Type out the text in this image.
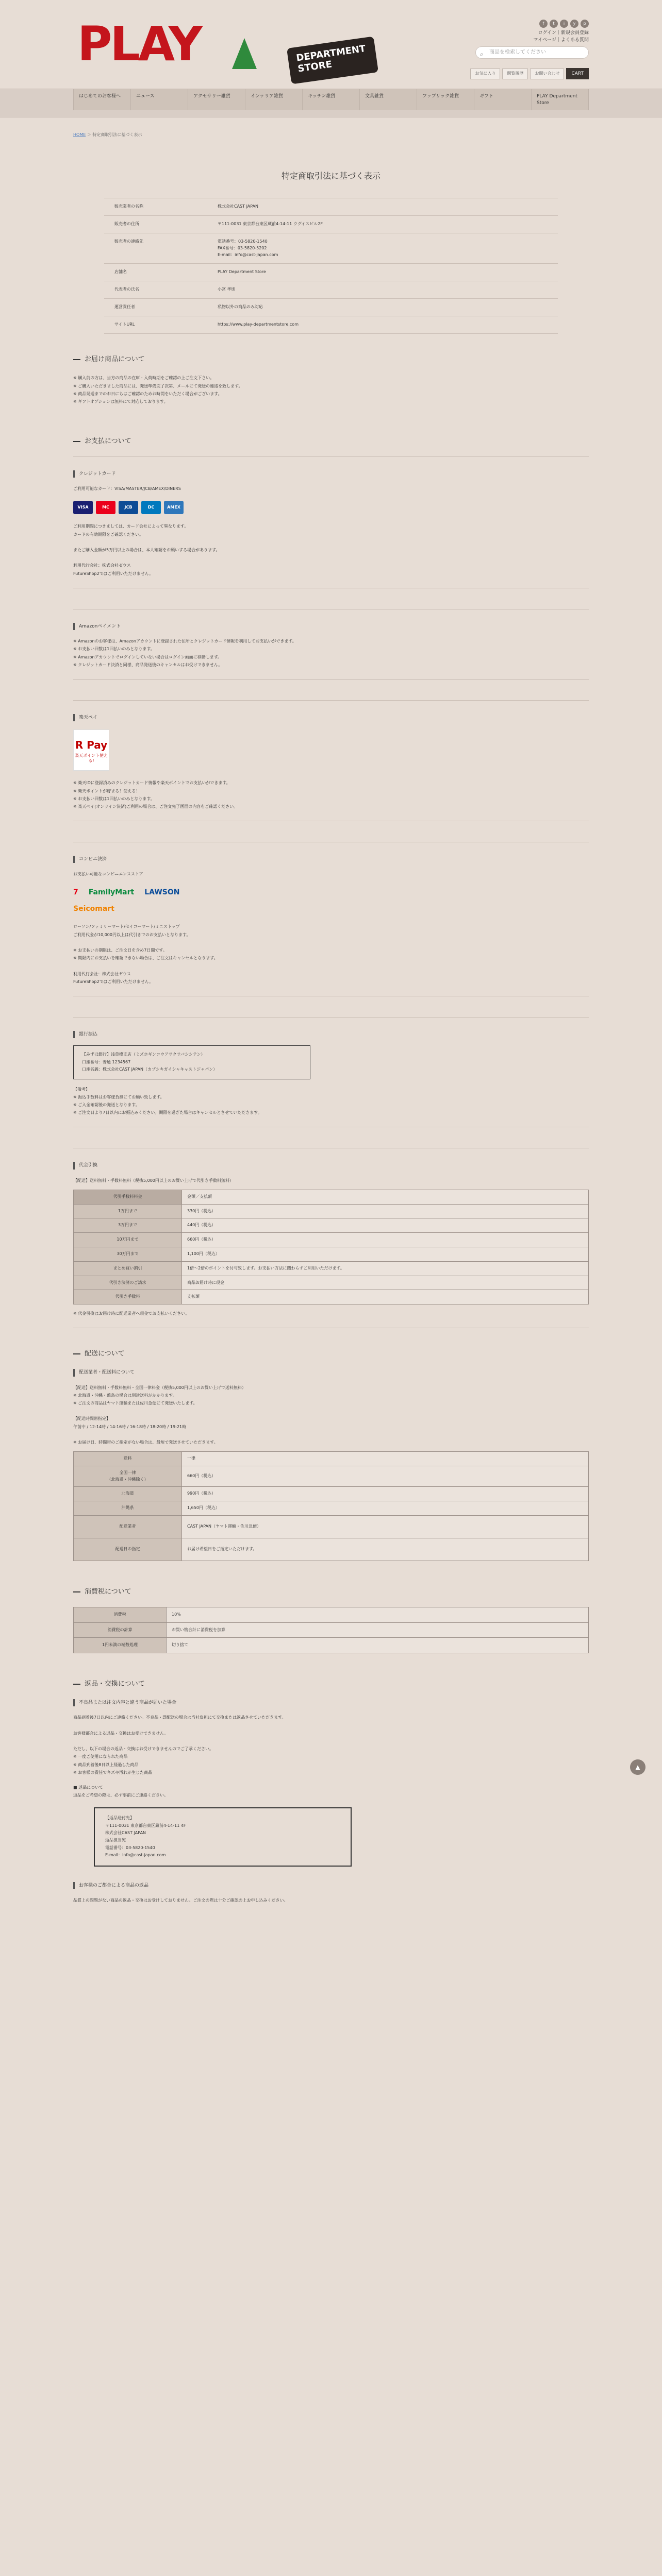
PLAY	DEPARTMENT STORE
f	t	i	y	p
ログイン｜新規会員登録
マイページ｜よくある質問
⌕ 商品を検索してください
お気に入り	閲覧履歴	お問い合わせ	CART
はじめてのお客様へ	ニュース	アクセサリー雑貨	インテリア雑貨	キッチン雑貨	文具雑貨	ファブリック雑貨	ギフト	PLAY Department Store
HOME ＞ 特定商取引法に基づく表示
特定商取引法に基づく表示
販売業者の名称	株式会社CAST JAPAN
販売者の住所	〒111-0031 東京都台東区蔵前4-14-11 ウグイスビル2F
販売者の連絡先	電話番号：03-5820-1540
FAX番号：03-5820-5202
E-mail：info@cast-japan.com
店舗名	PLAY Department Store
代表者の氏名	小宮 孝則
運営責任者	私物以外の商品のみ対応
サイトURL	https://www.play-departmentstore.com
お届け商品について

※ 購入前の方は、当方の商品の在庫・入荷時期をご確認の上ご注文下さい。
※ ご購入いただきました商品には、発送準備完了次第、メールにて発送の連絡を致します。
※ 商品発送までのお日にちはご確認のためお時間をいただく場合がございます。
※ ギフトオプションは無料にて対応しております。

お支払について
クレジットカード

ご利用可能なカード：VISA/MASTER/JCB/AMEX/DINERS

VISA	MC	JCB	DC	AMEX

ご利用期間につきましては、カード会社によって異なります。
カードの有効期限をご確認ください。

またご購入金額が5万円以上の場合は、本人確認をお願いする場合があります。

利用代行会社：株式会社ゼウス
FutureShop2ではご利用いただけません。

Amazonペイメント

※ Amazonのお客様は、Amazonアカウントに登録された住所とクレジットカード情報を利用してお支払いができます。
※ お支払い回数は1回払いのみとなります。
※ Amazonアカウントでログインしていない場合はログイン画面に移動します。
※ クレジットカード決済と同様、商品発送後のキャンセルはお受けできません。

楽天ペイ
R Pay
楽天ポイント使える!

※ 楽天IDに登録済みのクレジットカード情報や楽天ポイントでお支払いができます。
※ 楽天ポイントが貯まる！使える！
※ お支払い回数は1回払いのみとなります。
※ 楽天ペイ(オンライン決済)ご利用の場合は、ご注文完了画面の内容をご確認ください。

コンビニ決済

お支払い可能なコンビニエンスストア

7 FamilyMart LAWSON
Seicomart

ローソン/ファミリーマート/セイコーマート/ミニストップ
ご利用代金が10,000円以上は代引きでのお支払いとなります。

※ お支払いの期限は、ご注文日を含め7日間です。
※ 期限内にお支払いを確認できない場合は、ご注文はキャンセルとなります。

利用代行会社：株式会社ゼウス
FutureShop2ではご利用いただけません。

銀行振込
【みずほ銀行】浅草橋支店（ミズホギンコウアサクサバシシテン）
口座番号：普通 1234567
口座名義：株式会社CAST JAPAN（カブシキガイシャキャストジャパン）

【備考】
※ 振込手数料はお客様負担にてお願い致します。
※ ご入金確認後の発送となります。
※ ご注文日より7日以内にお振込みください。期限を過ぎた場合はキャンセルとさせていただきます。

代金引換

【配送】送料無料・手数料無料（税抜5,000円以上のお買い上げで代引き手数料無料）

代引手数料料金	金額／支払額
1万円まで	330円（税込）
3万円まで	440円（税込）
10万円まで	660円（税込）
30万円まで	1,100円（税込）
まとめ買い割引	1倍〜2倍のポイントを付与致します。お支払い方法に関わらずご利用いただけます。
代引き決済のご請求	商品お届け時に現金
代引き手数料	支払額

※ 代金引換はお届け時に配送業者へ現金でお支払いください。

配送について
配送業者・配送料について

【配送】送料無料・手数料無料・全国一律料金（税抜5,000円以上のお買い上げで送料無料）
※ 北海道・沖縄・離島の場合は別途送料がかかります。
※ ご注文の商品はヤマト運輸または佐川急便にて発送いたします。

【配送時間帯指定】
午前中 / 12-14時 / 14-16時 / 16-18時 / 18-20時 / 19-21時

※ お届け日、時間帯のご指定がない場合は、最短で発送させていただきます。

送料	一律
全国一律
（北海道・沖縄除く）	660円（税込）
北海道	990円（税込）
沖縄県	1,650円（税込）
配送業者	CAST JAPAN（ヤマト運輸・佐川急便）
配送日の指定	お届け希望日をご指定いただけます。
消費税について
消費税	10%
消費税の計算	お買い物合計に消費税を加算
1円未満の端数処理	切り捨て
返品・交換について
不良品または注文内容と違う商品が届いた場合

商品到着後7日以内にご連絡ください。不良品・誤配送の場合は当社負担にて交換または返品させていただきます。

お客様都合による返品・交換はお受けできません。

ただし、以下の場合の返品・交換はお受けできませんのでご了承ください。
※ 一度ご使用になられた商品
※ 商品到着後8日以上経過した商品
※ お客様の責任でキズや汚れが生じた商品

■ 返品について

返品をご希望の際は、必ず事前にご連絡ください。

【返品送付先】
〒111-0031 東京都台東区蔵前4-14-11 4F
株式会社CAST JAPAN
返品担当宛
電話番号：03-5820-1540
E-mail：info@cast-japan.com
お客様のご都合による商品の返品

品質上の問題がない商品の返品・交換はお受けしておりません。ご注文の際は十分ご確認の上お申し込みください。

▲
